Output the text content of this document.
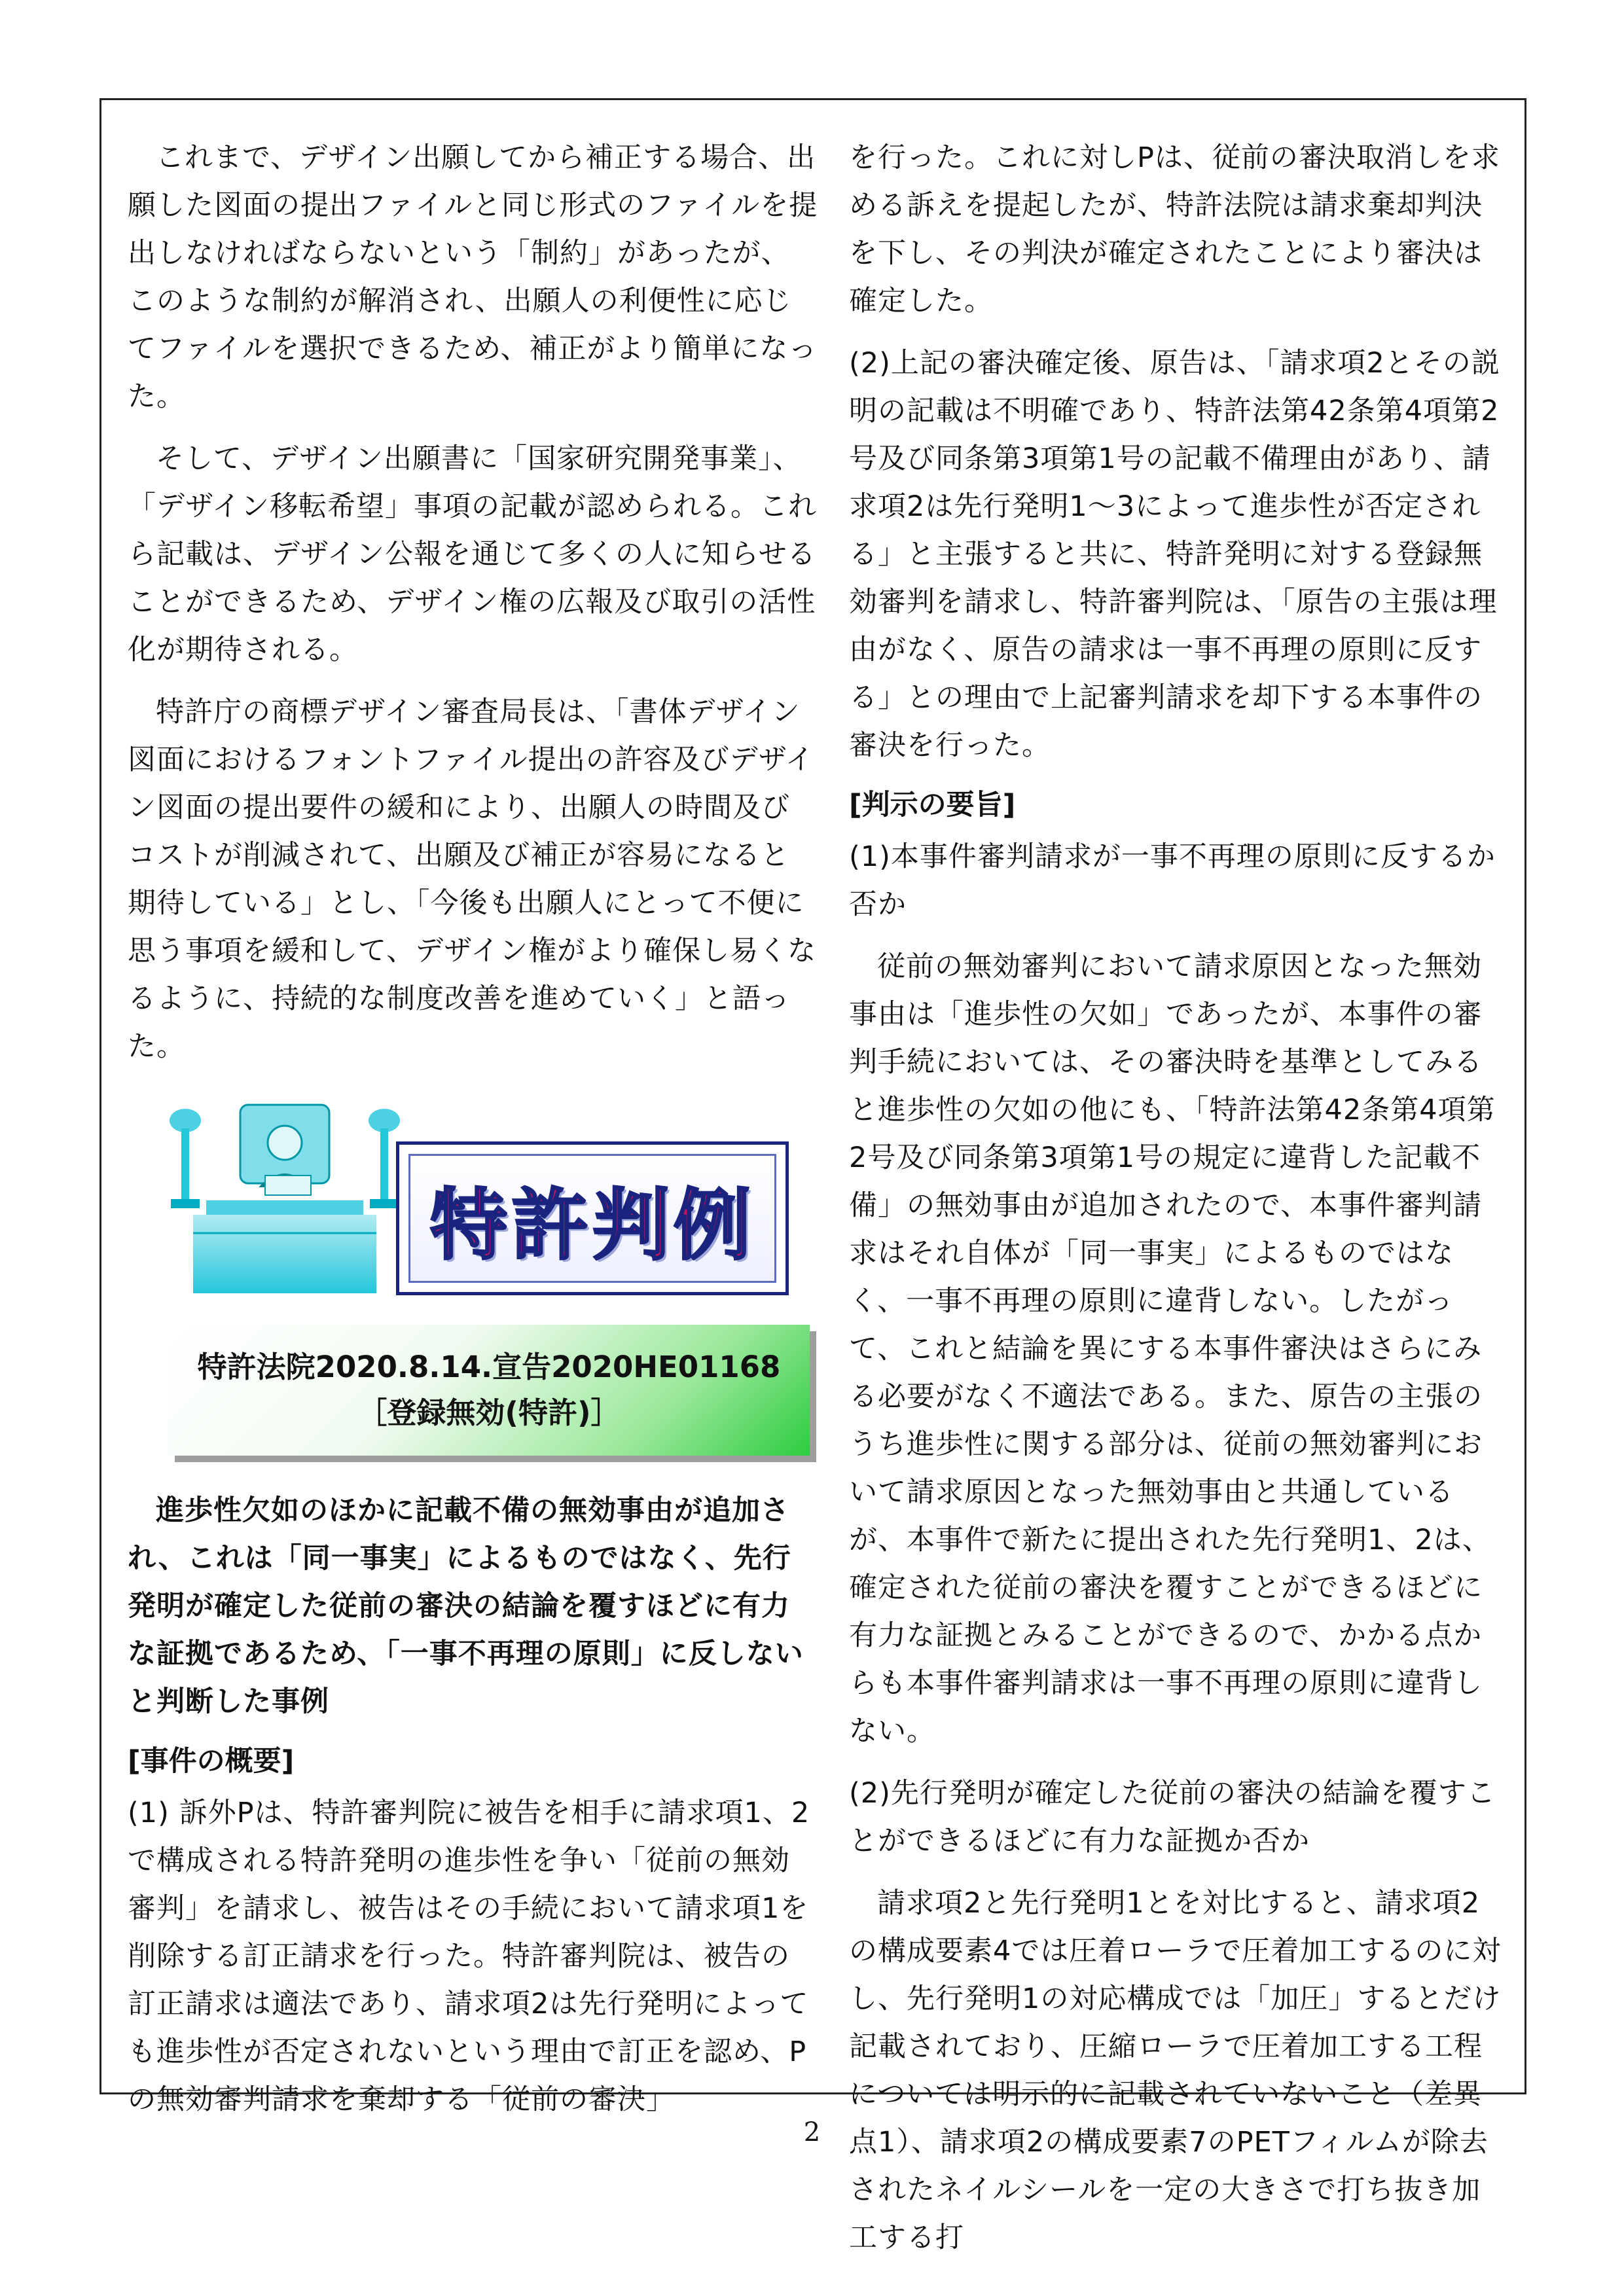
これまで、デザイン出願してから補正する場合、出願した図面の提出ファイルと同じ形式のファイルを提出しなければならないという「制約」があったが、このような制約が解消され、出願人の利便性に応じてファイルを選択できるため、補正がより簡単になった。

そして、デザイン出願書に「国家研究開発事業」、「デザイン移転希望」事項の記載が認められる。これら記載は、デザイン公報を通じて多くの人に知らせることができるため、デザイン権の広報及び取引の活性化が期待される。

特許庁の商標デザイン審査局長は、「書体デザイン図面におけるフォントファイル提出の許容及びデザイン図面の提出要件の緩和により、出願人の時間及びコストが削減されて、出願及び補正が容易になると期待している」とし、「今後も出願人にとって不便に思う事項を緩和して、デザイン権がより確保し易くなるように、持続的な制度改善を進めていく」と語った。

特許判例
特許法院2020.8.14.宣告2020HE01168
［登録無効(特許)］

進歩性欠如のほかに記載不備の無効事由が追加され、これは「同一事実」によるものではなく、先行発明が確定した従前の審決の結論を覆すほどに有力な証拠であるため、「一事不再理の原則」に反しないと判断した事例

[事件の概要]

(1) 訴外Pは、特許審判院に被告を相手に請求項1、2で構成される特許発明の進歩性を争い「従前の無効審判」を請求し、被告はその手続において請求項1を削除する訂正請求を行った。特許審判院は、被告の訂正請求は適法であり、請求項2は先行発明によっても進歩性が否定されないという理由で訂正を認め、Pの無効審判請求を棄却する「従前の審決」

を行った。これに対しPは、従前の審決取消しを求める訴えを提起したが、特許法院は請求棄却判決を下し、その判決が確定されたことにより審決は確定した。

(2)上記の審決確定後、原告は、「請求項2とその説明の記載は不明確であり、特許法第42条第4項第2号及び同条第3項第1号の記載不備理由があり、請求項2は先行発明1～3によって進歩性が否定される」と主張すると共に、特許発明に対する登録無効審判を請求し、特許審判院は、「原告の主張は理由がなく、原告の請求は一事不再理の原則に反する」との理由で上記審判請求を却下する本事件の審決を行った。

[判示の要旨]

(1)本事件審判請求が一事不再理の原則に反するか否か

従前の無効審判において請求原因となった無効事由は「進歩性の欠如」であったが、本事件の審判手続においては、その審決時を基準としてみると進歩性の欠如の他にも、「特許法第42条第4項第2号及び同条第3項第1号の規定に違背した記載不備」の無効事由が追加されたので、本事件審判請求はそれ自体が「同一事実」によるものではなく、一事不再理の原則に違背しない。したがって、これと結論を異にする本事件審決はさらにみる必要がなく不適法である。また、原告の主張のうち進歩性に関する部分は、従前の無効審判において請求原因となった無効事由と共通しているが、本事件で新たに提出された先行発明1、2は、確定された従前の審決を覆すことができるほどに有力な証拠とみることができるので、かかる点からも本事件審判請求は一事不再理の原則に違背しない。

(2)先行発明が確定した従前の審決の結論を覆すことができるほどに有力な証拠か否か

請求項2と先行発明1とを対比すると、請求項2の構成要素4では圧着ローラで圧着加工するのに対し、先行発明1の対応構成では「加圧」するとだけ記載されており、圧縮ローラで圧着加工する工程については明示的に記載されていないこと（差異点1）、請求項2の構成要素7のPETフィルムが除去されたネイルシールを一定の大きさで打ち抜き加工する打

2
